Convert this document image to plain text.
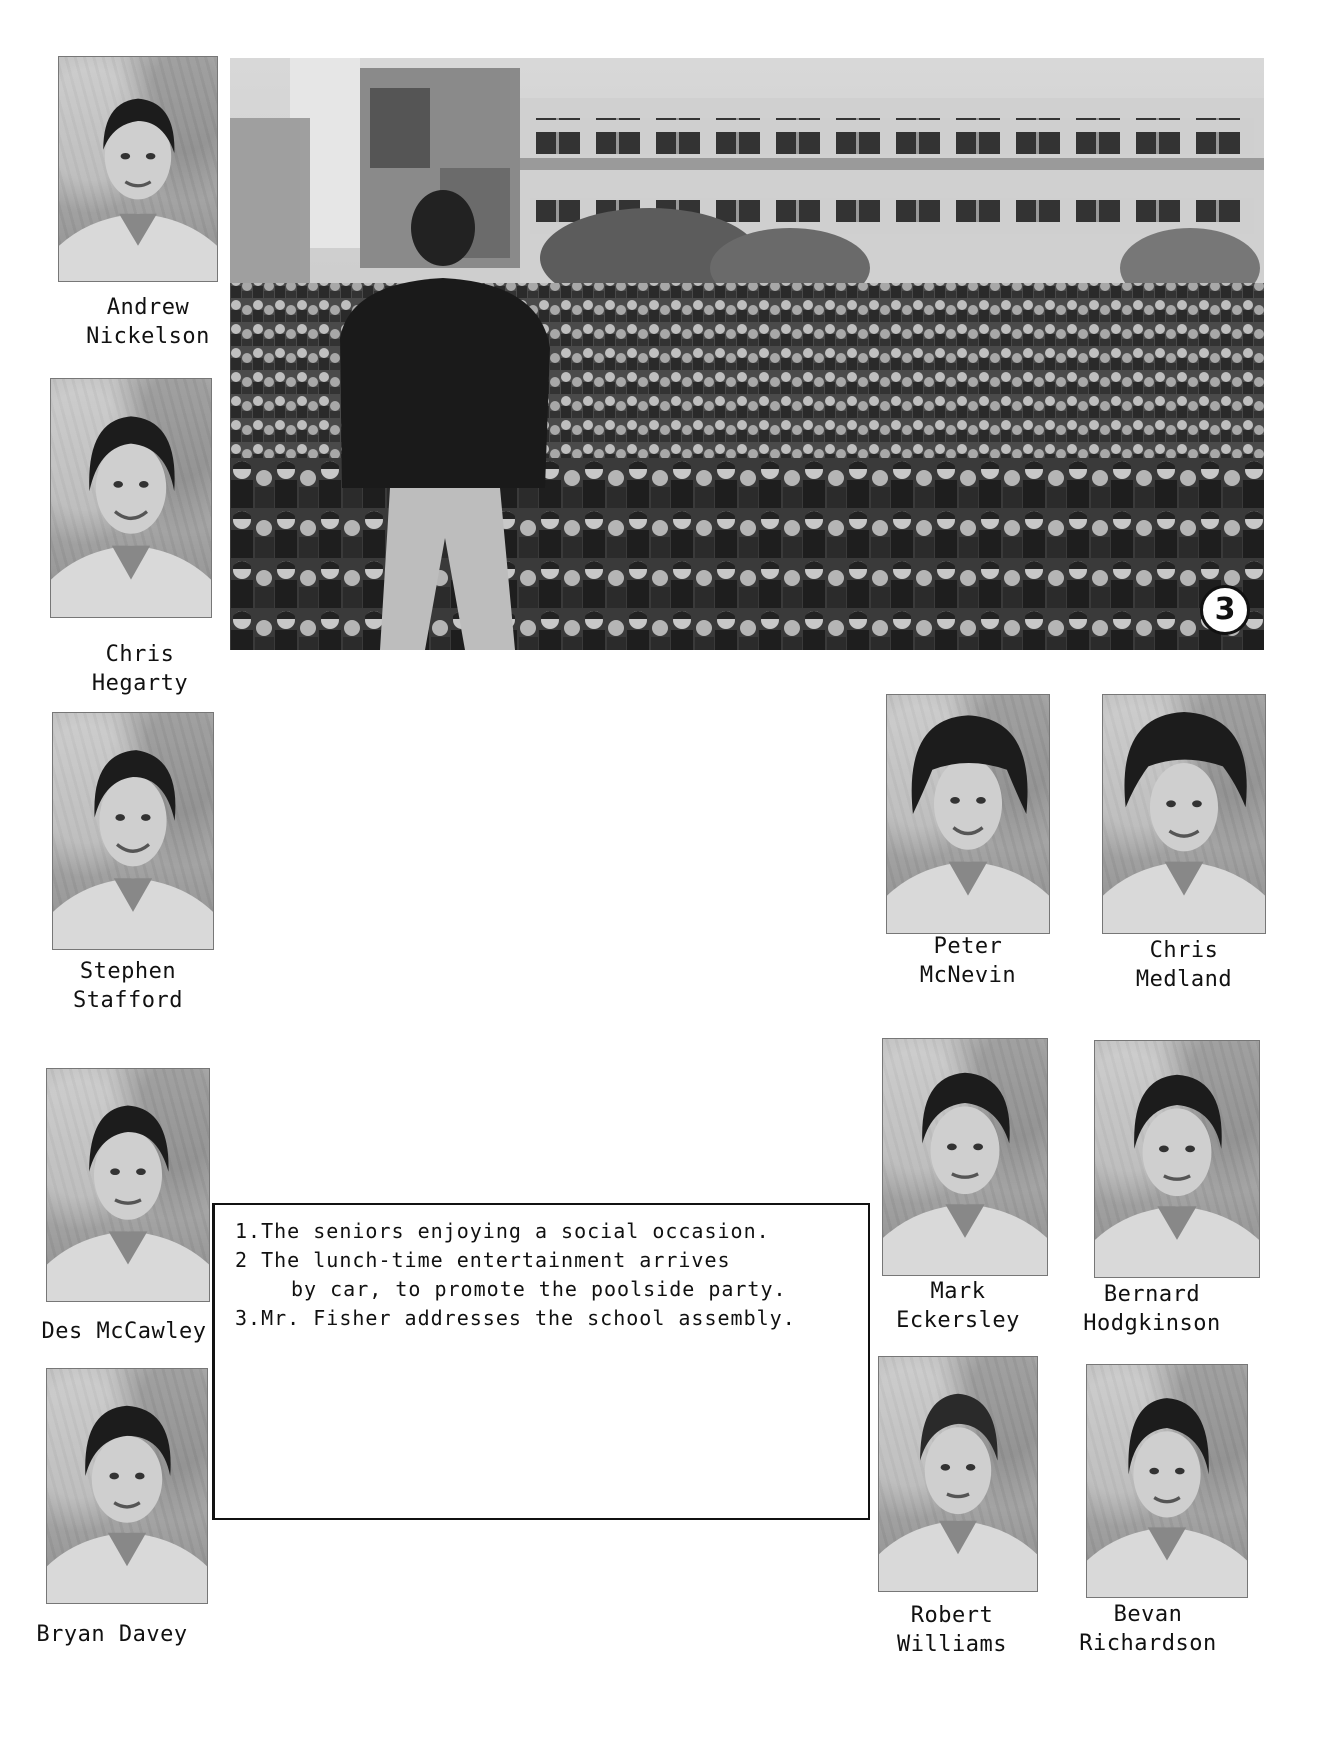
3
Andrew
Nickelson
Chris
Hegarty
Stephen
Stafford
Des McCawley
Bryan Davey
Peter
McNevin
Chris
Medland
Mark
Eckersley
Bernard
Hodgkinson
Robert
Williams
Bevan
Richardson
1.The seniors enjoying a social occasion.
2 The lunch-time entertainment arrives
by car, to promote the poolside party.
3.Mr. Fisher addresses the school assembly.
